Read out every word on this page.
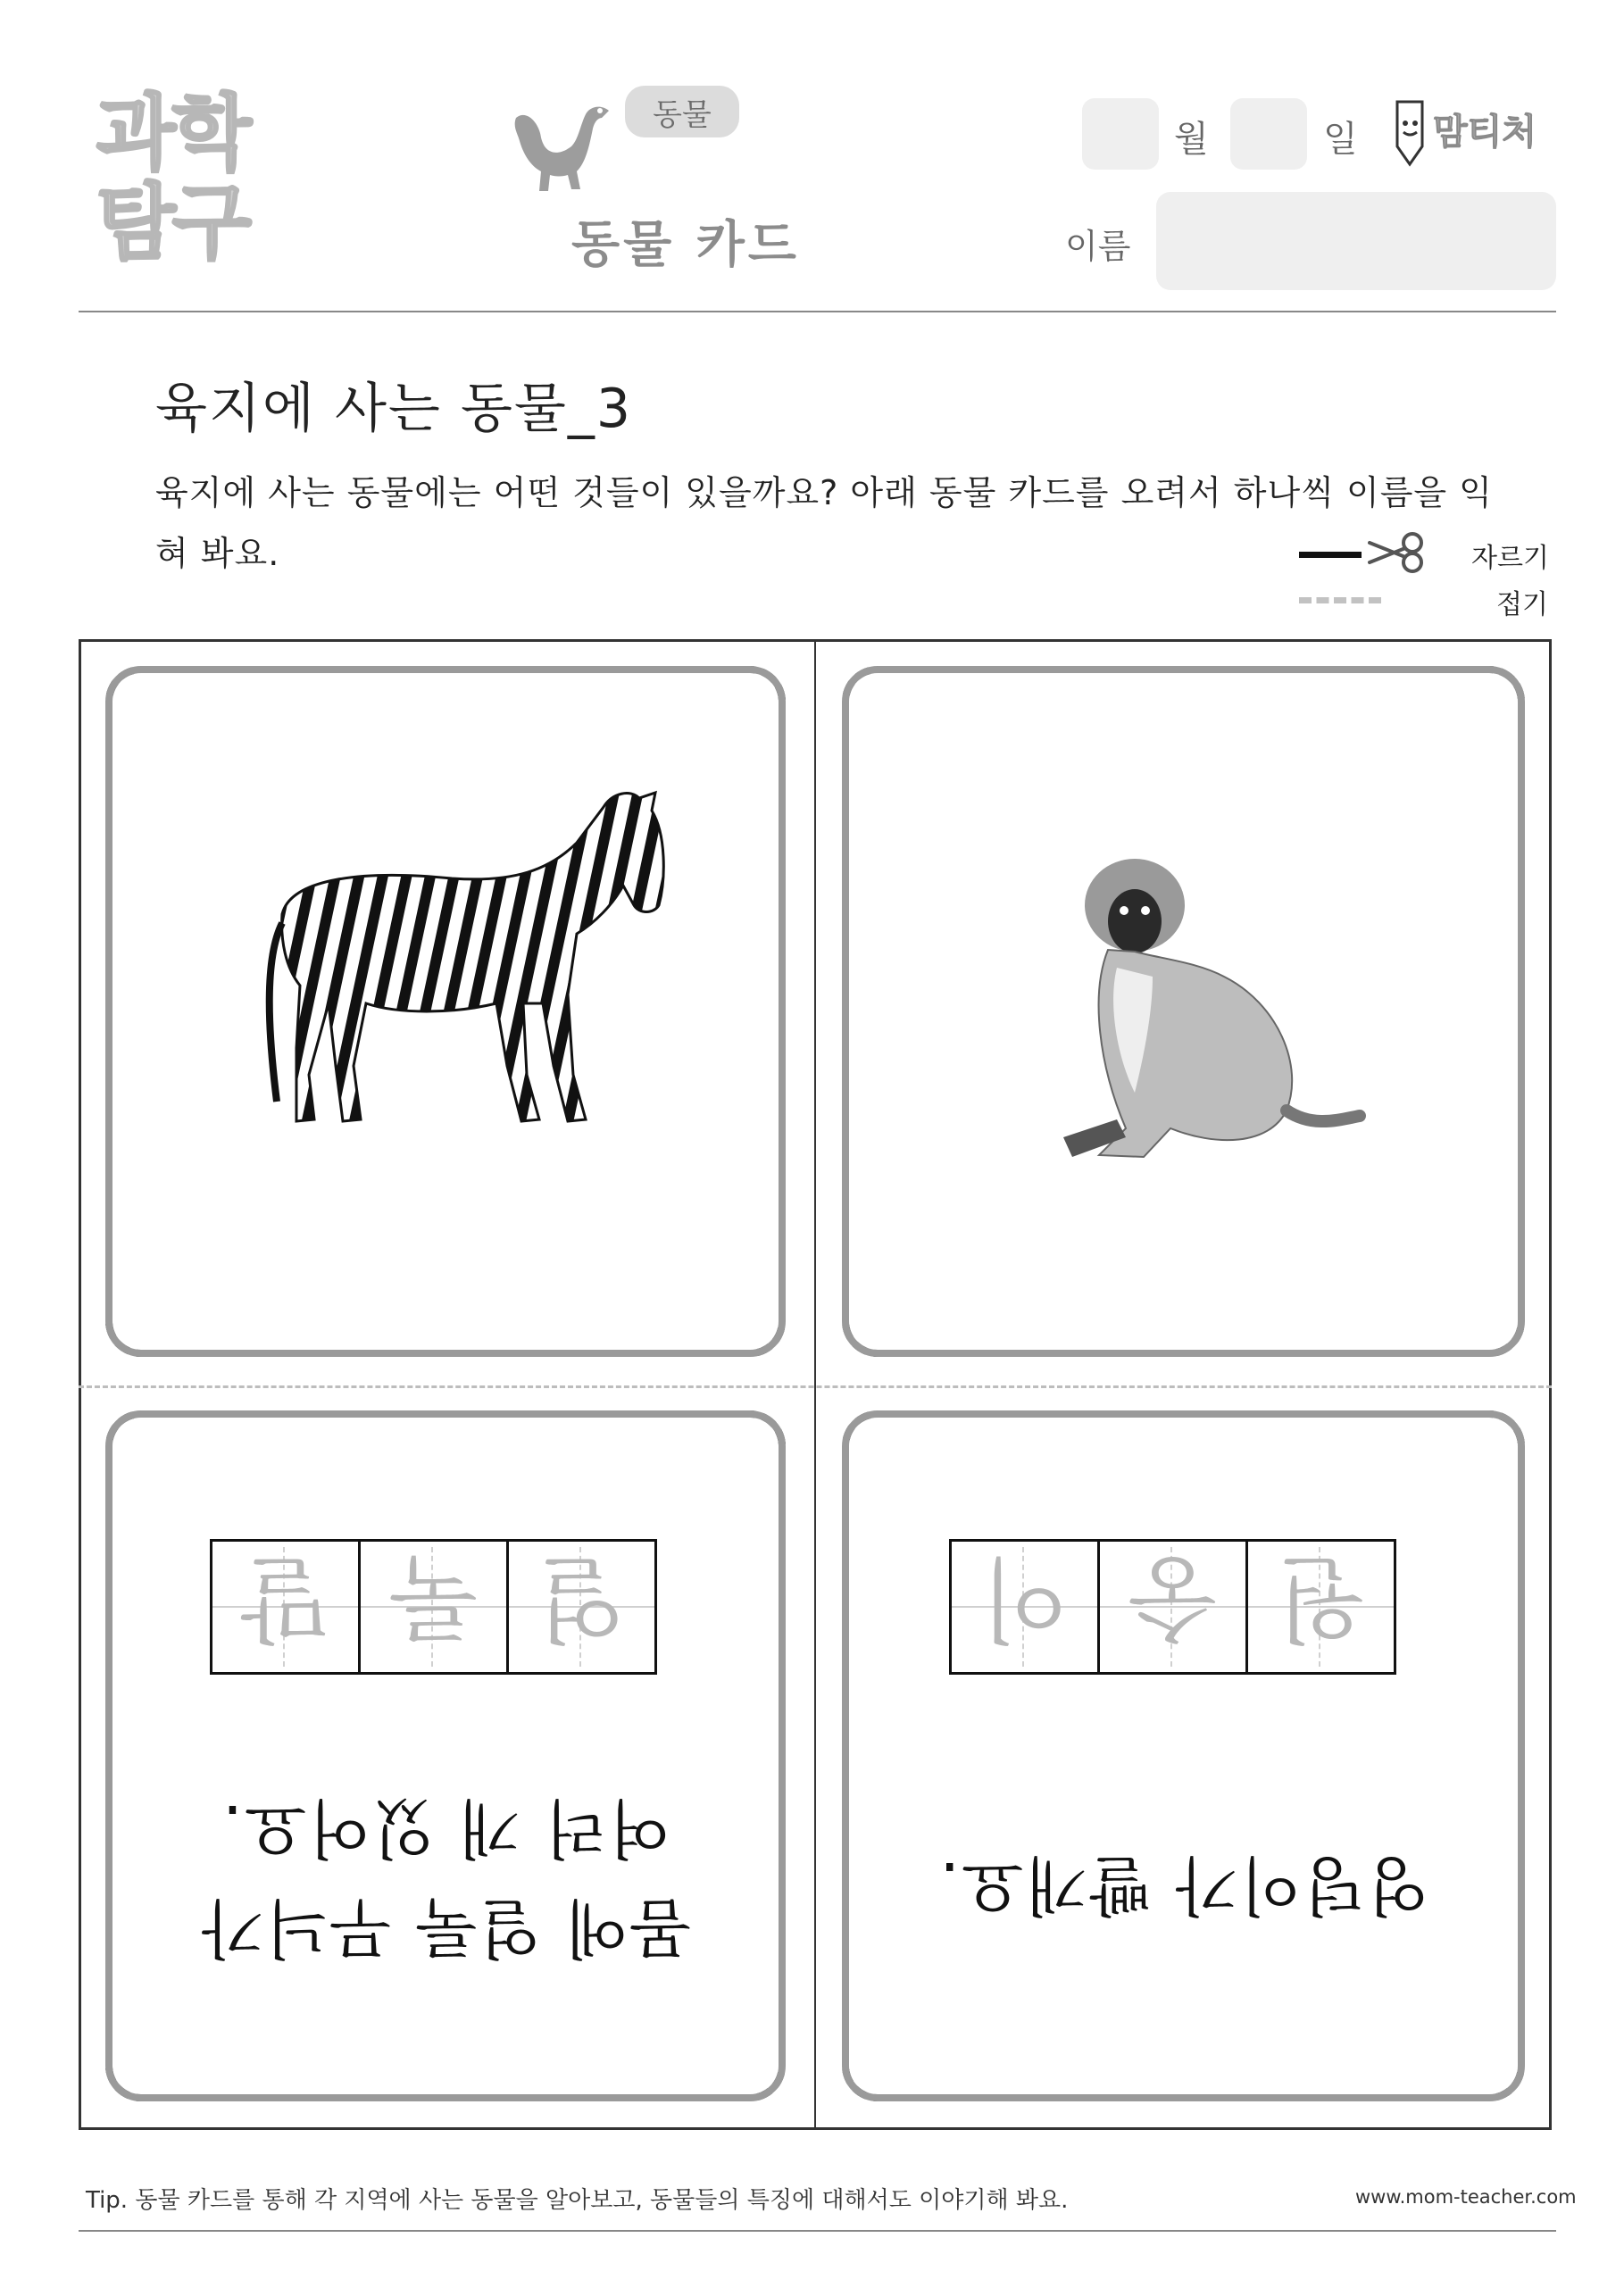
과학
탐구
동물
동물 카드
월	일 맘티처
이름
육지에 사는 동물_3
육지에 사는 동물에는 어떤 것들이 있을까요? 아래 동물 카드를 오려서 하나씩 이름을 익혀 봐요.	자르기
접기
몸에 얼룩 무늬가
여러 개 있어요.
얼
룩
말
엉덩이가 빨개요.
원
숭
이
Tip. 동물 카드를 통해 각 지역에 사는 동물을 알아보고, 동물들의 특징에 대해서도 이야기해 봐요.	www.mom-teacher.com
